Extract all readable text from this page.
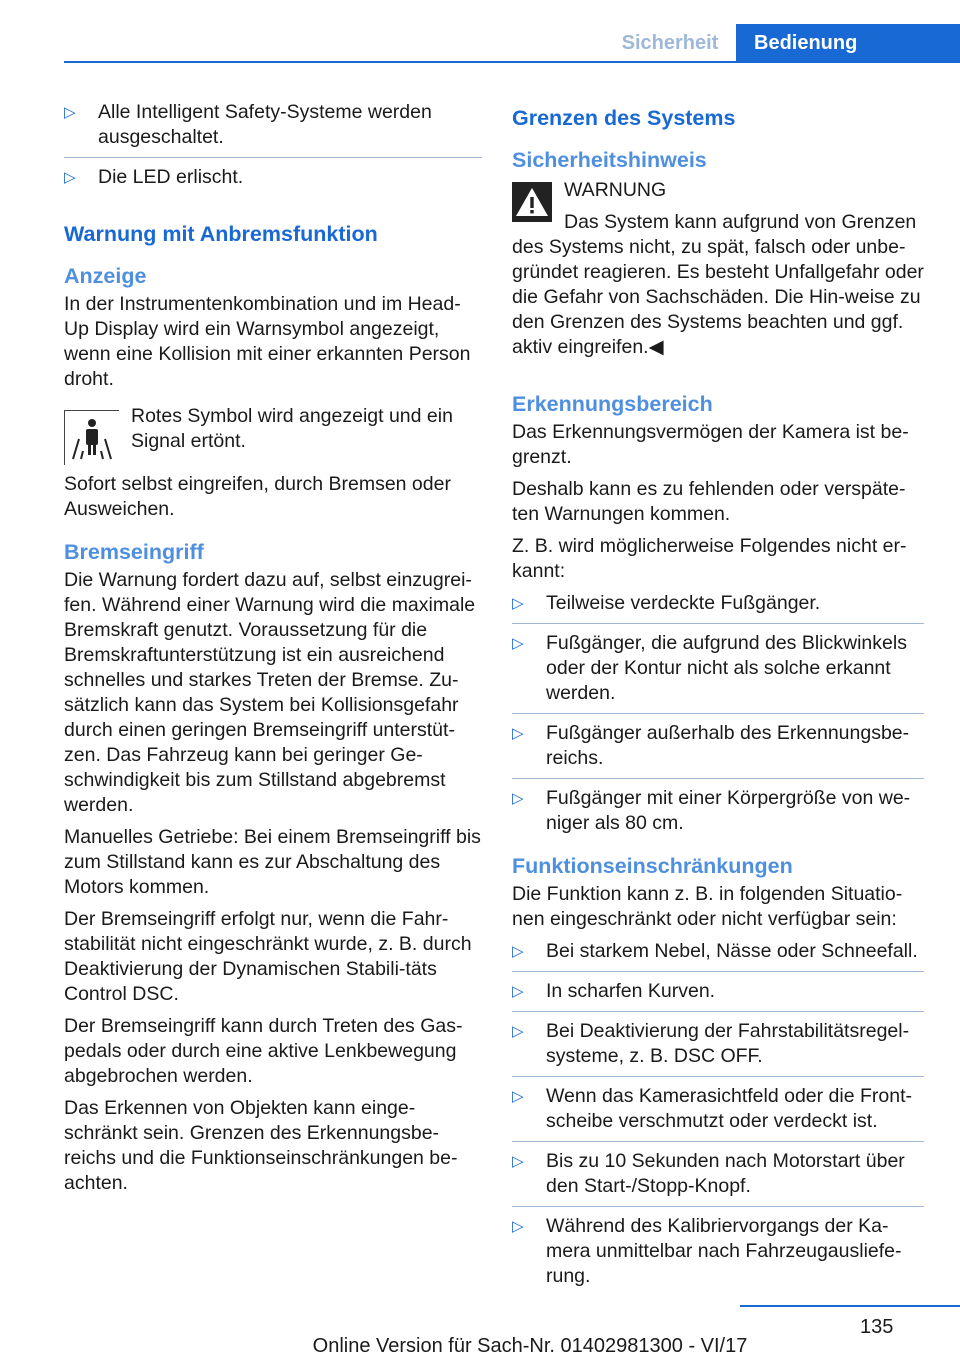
Sicherheit	Bedienung
▷ Alle Intelligent Safety-Systeme werden ausgeschaltet.
▷ Die LED erlischt.
Warnung mit Anbremsfunktion
Anzeige

In der Instrumentenkombination und im Head-Up Display wird ein Warnsymbol angezeigt, wenn eine Kollision mit einer erkannten Person droht.

Rotes Symbol wird angezeigt und ein Signal ertönt.

Sofort selbst eingreifen, durch Bremsen oder Ausweichen.

Bremseingriff

Die Warnung fordert dazu auf, selbst einzugrei-fen. Während einer Warnung wird die maximale Bremskraft genutzt. Voraussetzung für die Bremskraftunterstützung ist ein ausreichend schnelles und starkes Treten der Bremse. Zu-sätzlich kann das System bei Kollisionsgefahr durch einen geringen Bremseingriff unterstüt-zen. Das Fahrzeug kann bei geringer Ge-schwindigkeit bis zum Stillstand abgebremst werden.

Manuelles Getriebe: Bei einem Bremseingriff bis zum Stillstand kann es zur Abschaltung des Motors kommen.

Der Bremseingriff erfolgt nur, wenn die Fahr-stabilität nicht eingeschränkt wurde, z. B. durch Deaktivierung der Dynamischen Stabili-täts Control DSC.

Der Bremseingriff kann durch Treten des Gas-pedals oder durch eine aktive Lenkbewegung abgebrochen werden.

Das Erkennen von Objekten kann einge-schränkt sein. Grenzen des Erkennungsbe-reichs und die Funktionseinschränkungen be-achten.

Grenzen des Systems
Sicherheitshinweis
WARNUNG
Das System kann aufgrund von Grenzen des Systems nicht, zu spät, falsch oder unbe-gründet reagieren. Es besteht Unfallgefahr oder die Gefahr von Sachschäden. Die Hin-weise zu den Grenzen des Systems beachten und ggf. aktiv eingreifen.◀
Erkennungsbereich

Das Erkennungsvermögen der Kamera ist be-grenzt.

Deshalb kann es zu fehlenden oder verspäte-ten Warnungen kommen.

Z. B. wird möglicherweise Folgendes nicht er-kannt:

▷ Teilweise verdeckte Fußgänger.
▷ Fußgänger, die aufgrund des Blickwinkels oder der Kontur nicht als solche erkannt werden.
▷ Fußgänger außerhalb des Erkennungsbe-reichs.
▷ Fußgänger mit einer Körpergröße von we-niger als 80 cm.
Funktionseinschränkungen

Die Funktion kann z. B. in folgenden Situatio-nen eingeschränkt oder nicht verfügbar sein:

▷ Bei starkem Nebel, Nässe oder Schneefall.
▷ In scharfen Kurven.
▷ Bei Deaktivierung der Fahrstabilitätsregel-systeme, z. B. DSC OFF.
▷ Wenn das Kamerasichtfeld oder die Front-scheibe verschmutzt oder verdeckt ist.
▷ Bis zu 10 Sekunden nach Motorstart über den Start-/Stopp-Knopf.
▷ Während des Kalibriervorgangs der Ka-mera unmittelbar nach Fahrzeugausliefe-rung.
135
Online Version für Sach-Nr. 01402981300 - VI/17
